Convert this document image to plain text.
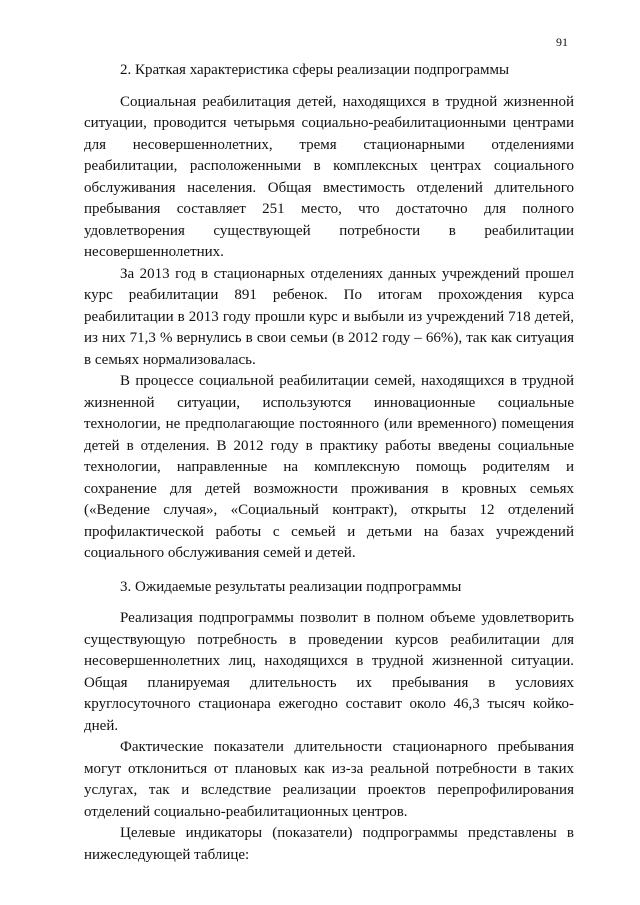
91
2. Краткая характеристика сферы реализации подпрограммы

Социальная реабилитация детей, находящихся в трудной жизненной ситуации, проводится четырьмя социально-реабилитационными центрами для несовершеннолетних, тремя стационарными отделениями реабилитации, расположенными в комплексных центрах социального обслуживания населения. Общая вместимость отделений длительного пребывания составляет 251 место, что достаточно для полного удовлетворения существующей потребности в реабилитации несовершеннолетних.

За 2013 год в стационарных отделениях данных учреждений прошел курс реабилитации 891 ребенок. По итогам прохождения курса реабилитации в 2013 году прошли курс и выбыли из учреждений 718 детей, из них 71,3 % вернулись в свои семьи (в 2012 году – 66%), так как ситуация в семьях нормализовалась.

В процессе социальной реабилитации семей, находящихся в трудной жизненной ситуации, используются инновационные социальные технологии, не предполагающие постоянного (или временного) помещения детей в отделения. В 2012 году в практику работы введены социальные технологии, направленные на комплексную помощь родителям и сохранение для детей возможности проживания в кровных семьях («Ведение случая», «Социальный контракт), открыты 12 отделений профилактической работы с семьей и детьми на базах учреждений социального обслуживания семей и детей.

3. Ожидаемые результаты реализации подпрограммы

Реализация подпрограммы позволит в полном объеме удовлетворить существующую потребность в проведении курсов реабилитации для несовершеннолетних лиц, находящихся в трудной жизненной ситуации. Общая планируемая длительность их пребывания в условиях круглосуточного стационара ежегодно составит около 46,3 тысяч койко-дней.

Фактические показатели длительности стационарного пребывания могут отклониться от плановых как из-за реальной потребности в таких услугах, так и вследствие реализации проектов перепрофилирования отделений социально-реабилитационных центров.

Целевые индикаторы (показатели) подпрограммы представлены в нижеследующей таблице:
